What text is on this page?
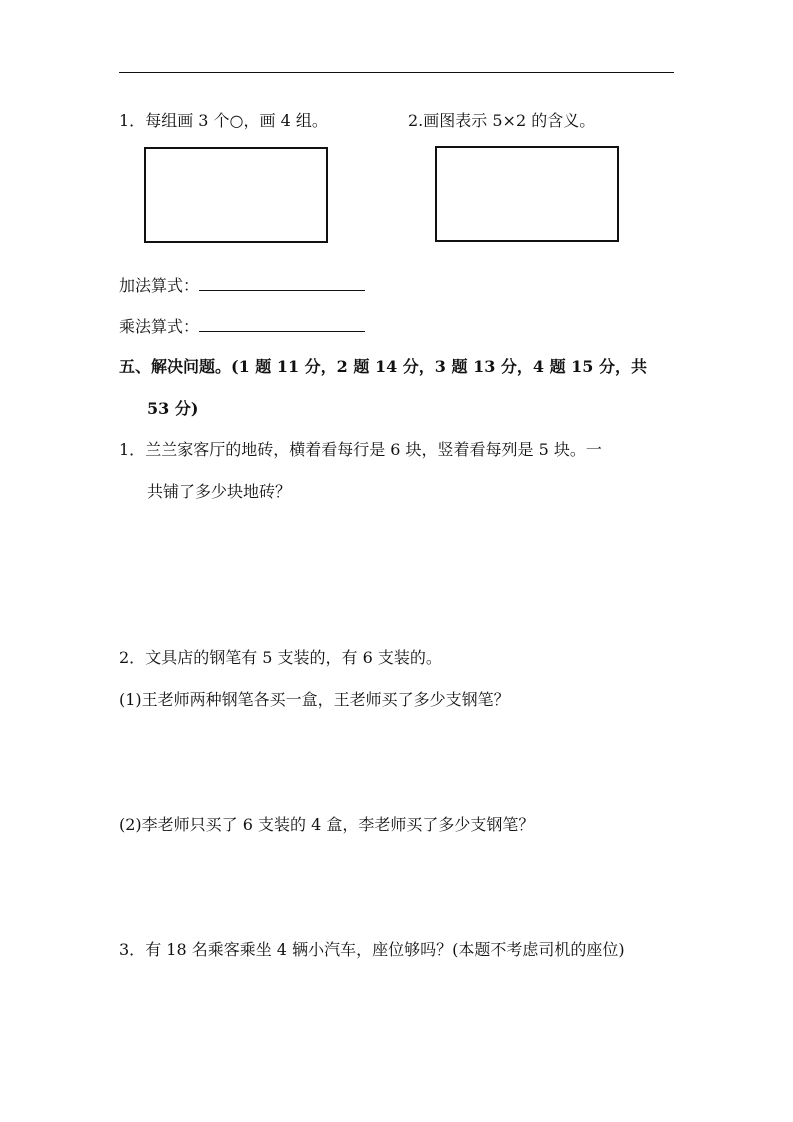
1．每组画 3 个○，画 4 组。	2.画图表示 5×2 的含义。
加法算式：
乘法算式：
五、解决问题。(1 题 11 分，2 题 14 分，3 题 13 分，4 题 15 分，共
53 分)
1．兰兰家客厅的地砖，横着看每行是 6 块，竖着看每列是 5 块。一
共铺了多少块地砖？
2．文具店的钢笔有 5 支装的，有 6 支装的。
(1)王老师两种钢笔各买一盒，王老师买了多少支钢笔？
(2)李老师只买了 6 支装的 4 盒，李老师买了多少支钢笔？
3．有 18 名乘客乘坐 4 辆小汽车，座位够吗？(本题不考虑司机的座位)
